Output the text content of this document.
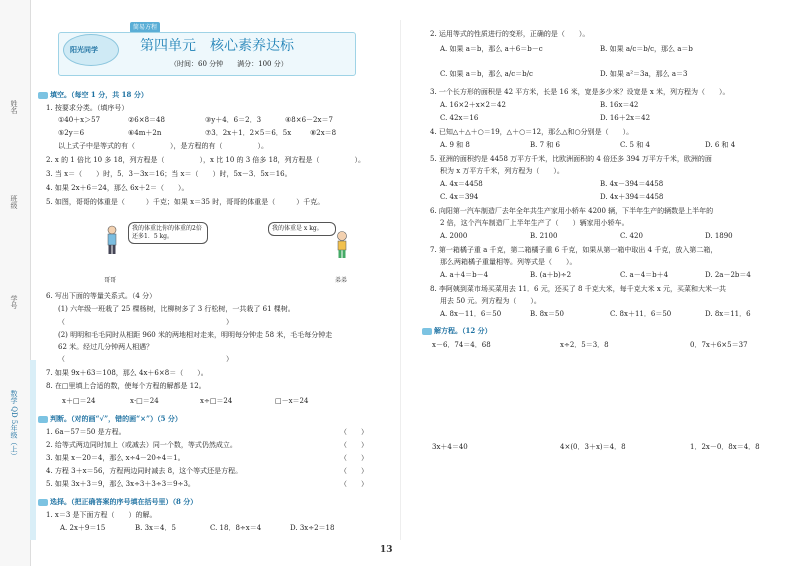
姓名
班级
学号
数学 QD 5年级（上）
简易方程
阳光同学	第四单元　核心素养达标
（时间：60 分钟　　满分：100 分）
填空。（每空 1 分，共 18 分）
1. 按要求分类。（填序号）
①40＋x＞57	②6×8＝48	③y＋4．6＝2．3	④8×6－2x＝7
⑤2y＝6	⑥4m＋2n	⑦3．2x＋1．2×5＝6．5x	⑧2x＝8
以上式子中是等式的有（　　　　　），是方程的有（　　　　　）。
2. x 的 1 倍比 10 多 18，列方程是（　　　　　），x 比 10 的 3 倍多 18，列方程是（　　　　　）。
3. 当 x＝（　　）时，5．3－3x＝16；当 x＝（　　）时，5x－3．5x＝16。
4. 如果 2x＋6＝24，那么 6x＋2＝（　　）。
5. 如图，哥哥的体重是（　　　）千克；如果 x＝35 时，哥哥的体重是（　　　）千克。
我的体重比你的体重的2倍还多1．5 kg。
我的体重是 x kg。
哥哥	弟弟
6. 写出下面的等量关系式。（4 分）
(1) 六年级一班栽了 25 棵杨树，比柳树多了 3 行松树，一共栽了 61 棵树。
（　　　　　　　　　　　　　　　　　　　　　　　）
(2) 明明和毛毛同时从相距 960 米的两地相对走来，明明每分钟走 58 米，毛毛每分钟走
62 米。经过几分钟两人相遇？
（　　　　　　　　　　　　　　　　　　　　　　　）
7. 如果 9x＋63＝108，那么 4x＋6×8＝（　　）。
8. 在□里填上合适的数，使每个方程的解都是 12。
x＋□＝24	x·□＝24	x÷□＝24	□－x＝24
判断。（对的画“√”，错的画“×”）（5 分）
1. 6a－57＝50 是方程。
2. 给等式两边同时加上（或减去）同一个数，等式仍然成立。
3. 如果 x－20＝4，那么 x÷4－20÷4＝1。
4. 方程 3＋x＝56，方程两边同时减去 8，这个等式还是方程。
5. 如果 3x＋3＝9，那么 3x÷3＋3÷3＝9÷3。
（　　）
（　　）
（　　）
（　　）
（　　）
选择。（把正确答案的序号填在括号里）（8 分）
1. x＝3 是下面方程（　　）的解。
A. 2x＋9＝15	B. 3x＝4．5	C. 18．8÷x＝4	D. 3x÷2＝18
2. 运用等式的性质进行的变形，正确的是（　　）。
A. 如果 a＝b，那么 a＋6＝b－c	B. 如果 a/c＝b/c，那么 a＝b
C. 如果 a＝b，那么 a/c＝b/c	D. 如果 a²＝3a，那么 a＝3
3. 一个长方形的面积是 42 平方米，长是 16 米，宽是多少米？设宽是 x 米，列方程为（　　）。
A. 16×2＋x×2＝42	B. 16x＝42
C. 42x＝16	D. 16＋2x＝42
4. 已知△＋△＋○＝19，△＋○＝12，那么△和○分别是（　　）。
A. 9 和 8	B. 7 和 6	C. 5 和 4	D. 6 和 4
5. 亚洲的面积约是 4458 万平方千米，比欧洲面积的 4 倍还多 394 万平方千米，欧洲的面
积为 x 万平方千米，列方程为（　　）。
A. 4x＝4458	B. 4x－394＝4458
C. 4x＝394	D. 4x＋394＝4458
6. 向阳第一汽车制造厂去年全年共生产家用小轿车 4200 辆，下半年生产的辆数是上半年的
2 倍，这个汽车制造厂上半年生产了（　　）辆家用小轿车。
A. 2000	B. 2100	C. 420	D. 1890
7. 第一箱橘子重 a 千克，第二箱橘子重 6 千克，如果从第一箱中取出 4 千克，放入第二箱，
那么两箱橘子重量相等。列等式是（　　）。
A. a＋4＝b－4	B. (a＋b)÷2	C. a－4＝b＋4	D. 2a－2b＝4
8. 李阿姨到菜市场买菜用去 11．6 元，还买了 8 千克大米，每千克大米 x 元，买菜和大米一共
用去 50 元。列方程为（　　）。
A. 8x－11．6＝50	B. 8x＝50	C. 8x＋11．6＝50	D. 8x＝11．6
解方程。（12 分）
x－6．74＝4．68	x÷2．5＝3．8	0．7x＋6×5＝37
3x＋4＝40	4×(0．3＋x)＝4．8	1．2x－0．8x＝4．8
13
